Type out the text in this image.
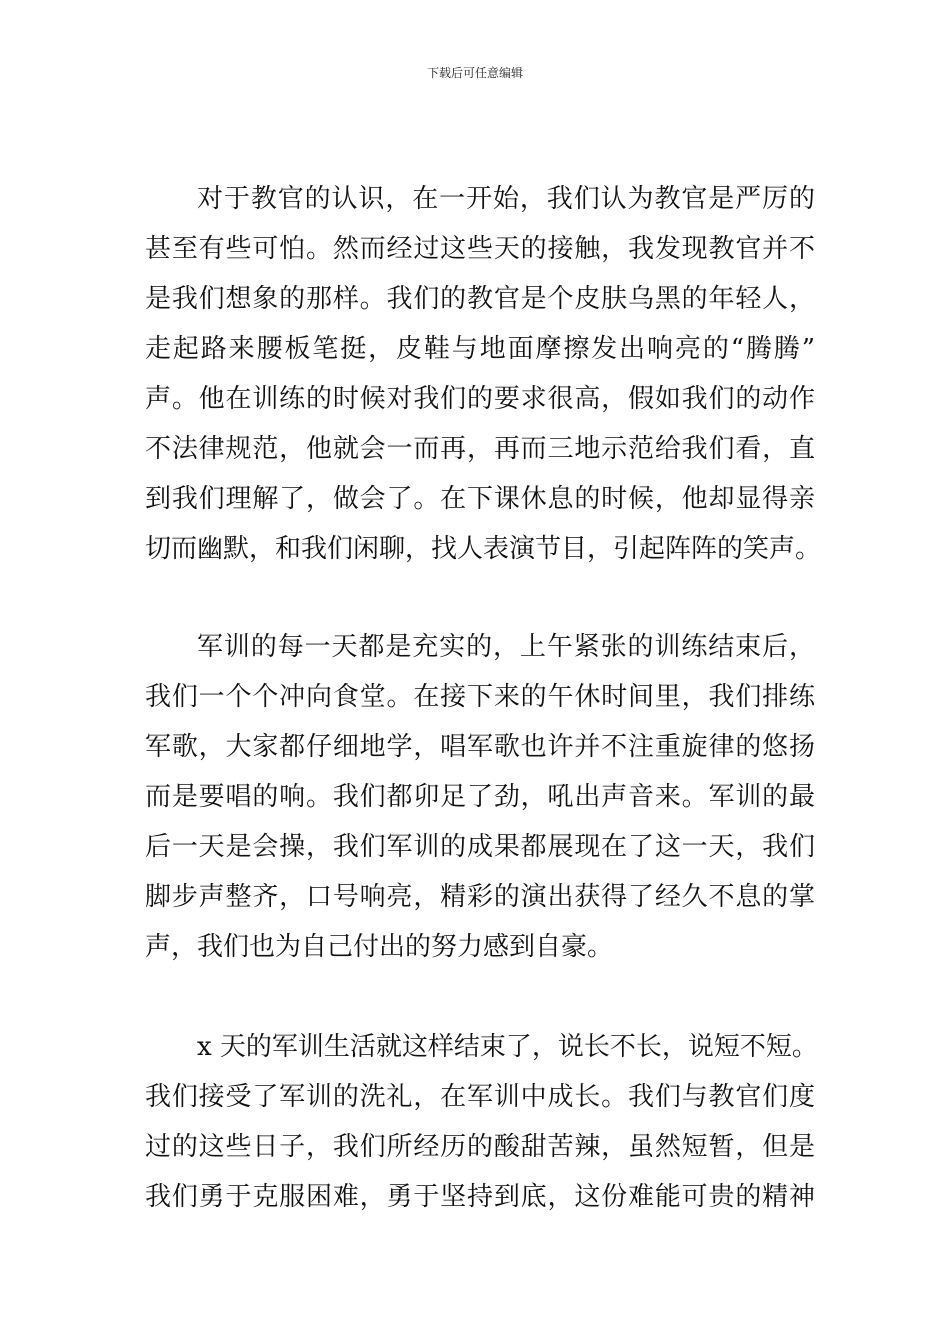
下载后可任意编辑
对于教官的认识，在一开始，我们认为教官是严厉的
甚至有些可怕。然而经过这些天的接触，我发现教官并不
是我们想象的那样。我们的教官是个皮肤乌黑的年轻人，
走起路来腰板笔挺，皮鞋与地面摩擦发出响亮的“腾腾”
声。他在训练的时候对我们的要求很高，假如我们的动作
不法律规范，他就会一而再，再而三地示范给我们看，直
到我们理解了，做会了。在下课休息的时候，他却显得亲
切而幽默，和我们闲聊，找人表演节目，引起阵阵的笑声。
军训的每一天都是充实的，上午紧张的训练结束后，
我们一个个冲向食堂。在接下来的午休时间里，我们排练
军歌，大家都仔细地学，唱军歌也许并不注重旋律的悠扬
而是要唱的响。我们都卯足了劲，吼出声音来。军训的最
后一天是会操，我们军训的成果都展现在了这一天，我们
脚步声整齐，口号响亮，精彩的演出获得了经久不息的掌
声，我们也为自己付出的努力感到自豪。
x 天的军训生活就这样结束了，说长不长，说短不短。
我们接受了军训的洗礼，在军训中成长。我们与教官们度
过的这些日子，我们所经历的酸甜苦辣，虽然短暂，但是
我们勇于克服困难，勇于坚持到底，这份难能可贵的精神
